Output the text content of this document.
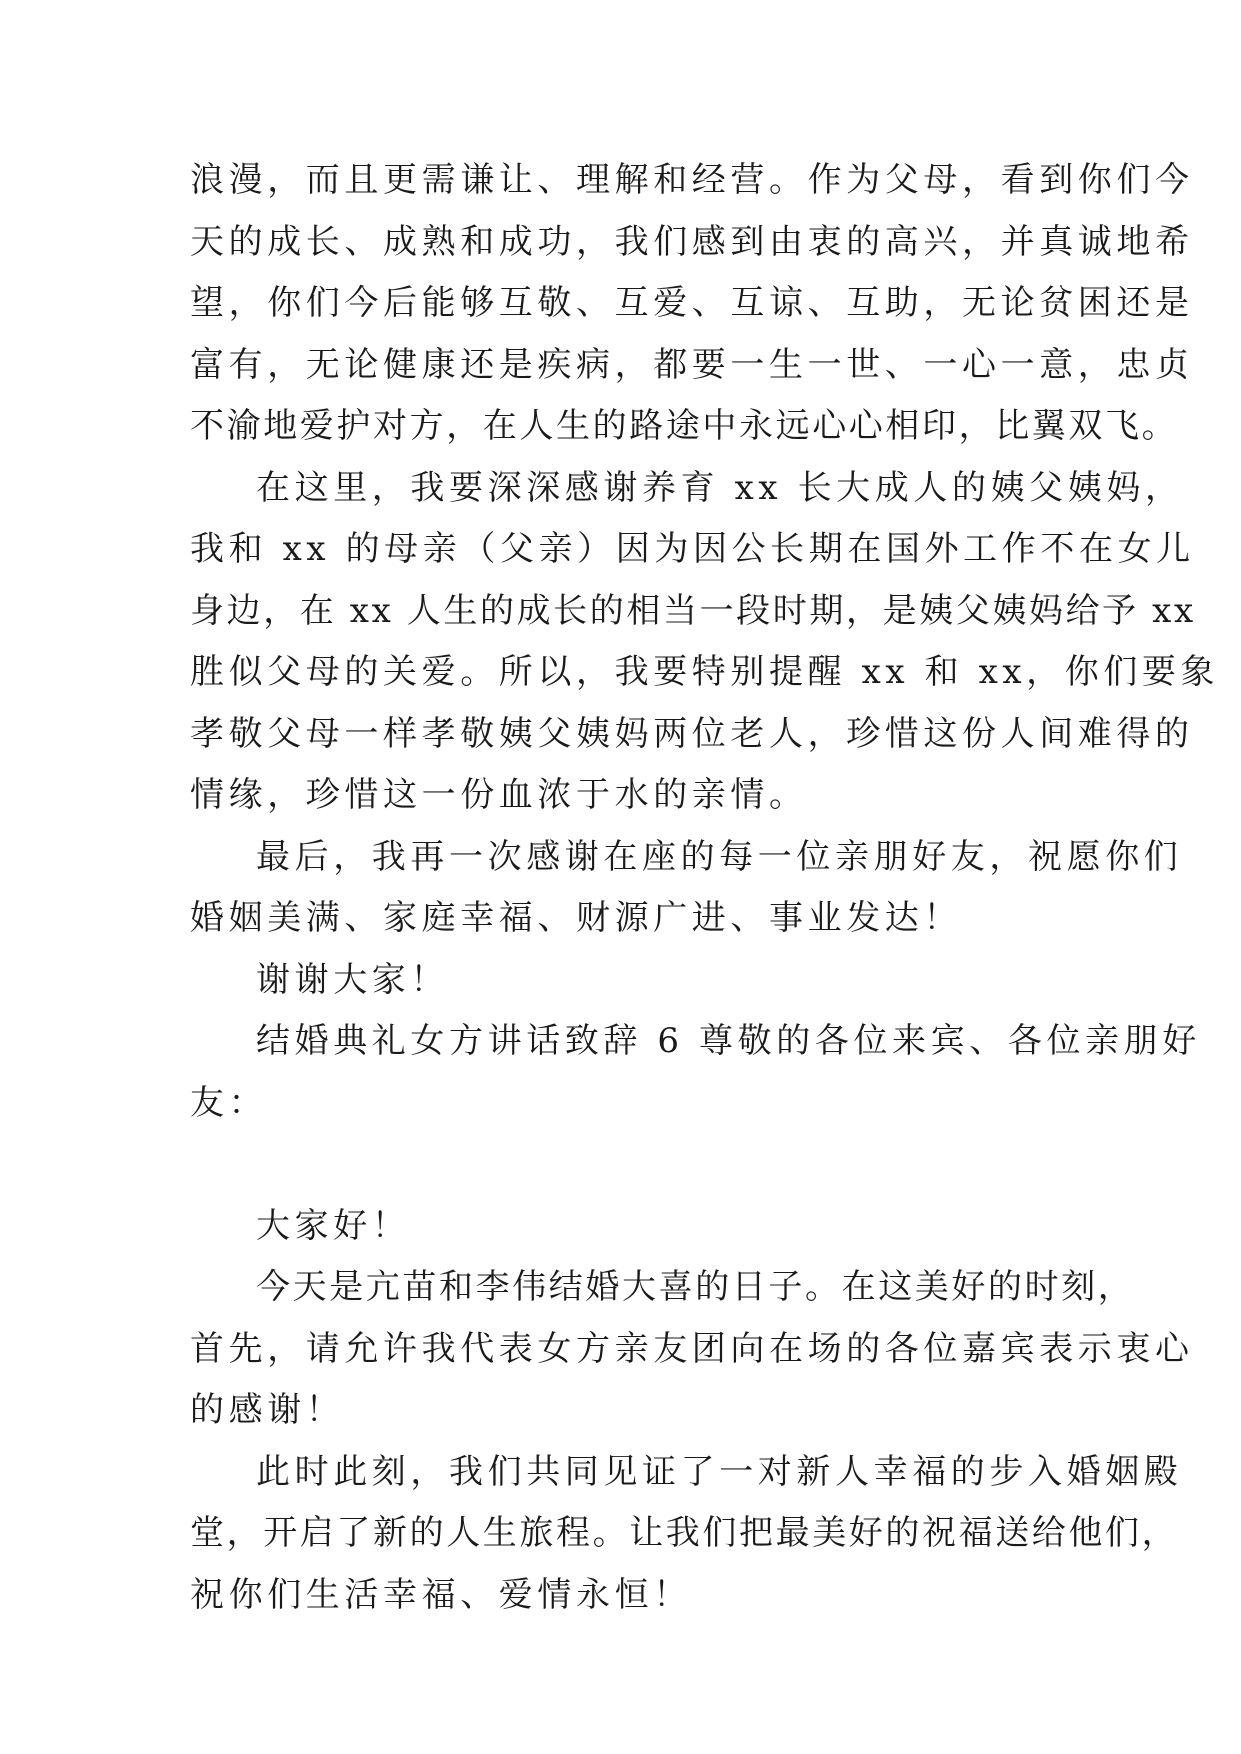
浪漫，而且更需谦让、理解和经营。作为父母，看到你们今
天的成长、成熟和成功，我们感到由衷的高兴，并真诚地希
望，你们今后能够互敬、互爱、互谅、互助，无论贫困还是
富有，无论健康还是疾病，都要一生一世、一心一意，忠贞
不渝地爱护对方，在人生的路途中永远心心相印，比翼双飞。
在这里，我要深深感谢养育 xx 长大成人的姨父姨妈，
我和 xx 的母亲（父亲）因为因公长期在国外工作不在女儿
身边，在 xx 人生的成长的相当一段时期，是姨父姨妈给予 xx
胜似父母的关爱。所以，我要特别提醒 xx 和 xx，你们要象
孝敬父母一样孝敬姨父姨妈两位老人，珍惜这份人间难得的
情缘，珍惜这一份血浓于水的亲情。
最后，我再一次感谢在座的每一位亲朋好友，祝愿你们
婚姻美满、家庭幸福、财源广进、事业发达！
谢谢大家！
结婚典礼女方讲话致辞 6 尊敬的各位来宾、各位亲朋好
友：
大家好！
今天是亢苗和李伟结婚大喜的日子。在这美好的时刻，
首先，请允许我代表女方亲友团向在场的各位嘉宾表示衷心
的感谢！
此时此刻，我们共同见证了一对新人幸福的步入婚姻殿
堂，开启了新的人生旅程。让我们把最美好的祝福送给他们，
祝你们生活幸福、爱情永恒！
